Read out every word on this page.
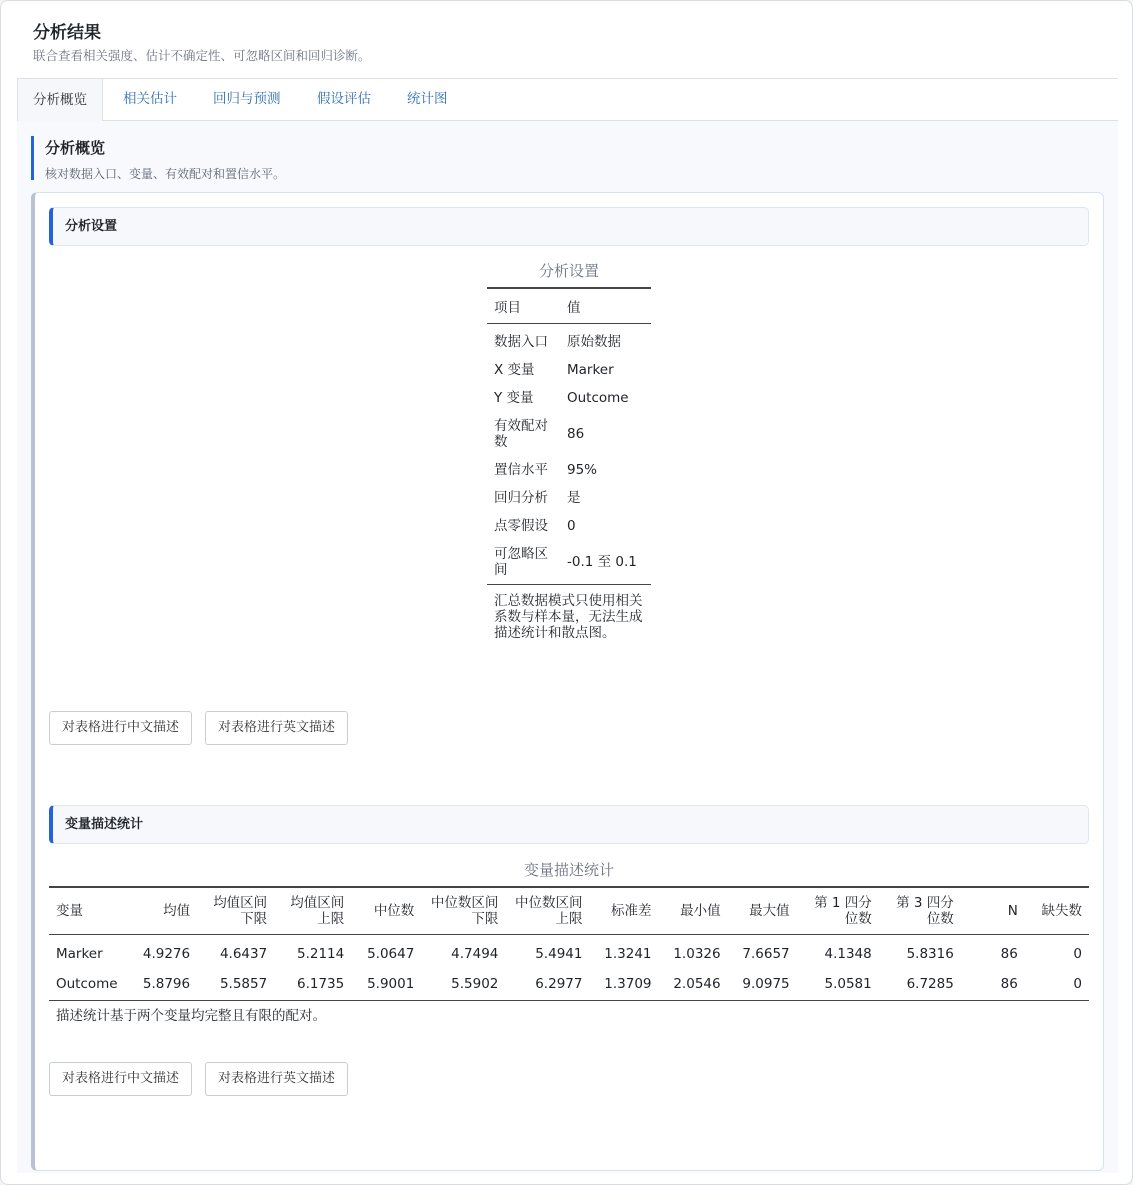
分析结果
联合查看相关强度、估计不确定性、可忽略区间和回归诊断。
分析概览	相关估计	回归与预测	假设评估	统计图
分析概览
核对数据入口、变量、有效配对和置信水平。
分析设置
分析设置
项目	值
数据入口	原始数据
X 变量	Marker
Y 变量	Outcome
有效配对数	86
置信水平	95%
回归分析	是
点零假设	0
可忽略区间	-0.1 至 0.1
汇总数据模式只使用相关系数与样本量，无法生成描述统计和散点图。	
对表格进行中文描述	对表格进行英文描述
变量描述统计
变量描述统计
变量	均值	均值区间下限	均值区间上限	中位数	中位数区间下限	中位数区间上限	标准差	最小值	最大值	第 1 四分位数	第 3 四分位数	N	缺失数
Marker	4.9276	4.6437	5.2114	5.0647	4.7494	5.4941	1.3241	1.0326	7.6657	4.1348	5.8316	86	0
Outcome	5.8796	5.5857	6.1735	5.9001	5.5902	6.2977	1.3709	2.0546	9.0975	5.0581	6.7285	86	0
描述统计基于两个变量均完整且有限的配对。													
对表格进行中文描述	对表格进行英文描述
